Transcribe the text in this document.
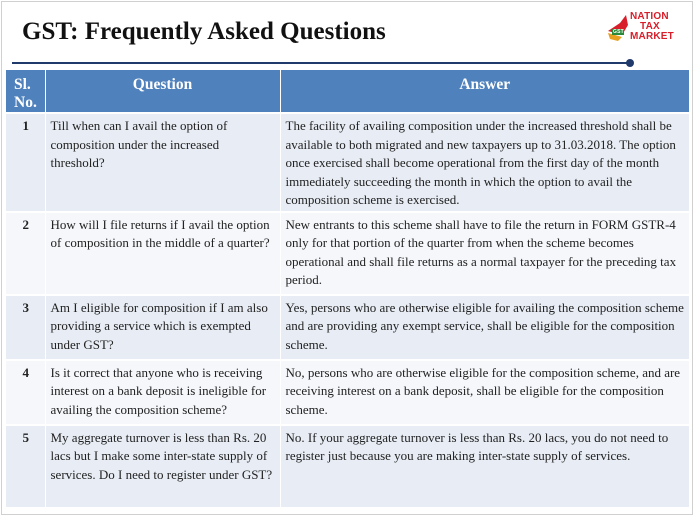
GST: Frequently Asked Questions
NATION
TAX
MARKET
GST
Sl. No.	Question	Answer
1	Till when can I avail the option of composition under the increased threshold?	The facility of availing composition under the increased threshold shall be available to both migrated and new taxpayers up to 31.03.2018. The option once exercised shall become operational from the first day of the month immediately succeeding the month in which the option to avail the composition scheme is exercised.
2	How will I file returns if I avail the option of composition in the middle of a quarter?	New entrants to this scheme shall have to file the return in FORM GSTR-4 only for that portion of the quarter from when the scheme becomes operational and shall file returns as a normal taxpayer for the preceding tax period.
3	Am I eligible for composition if I am also providing a service which is exempted under GST?	Yes, persons who are otherwise eligible for availing the composition scheme and are providing any exempt service, shall be eligible for the composition scheme.
4	Is it correct that anyone who is receiving interest on a bank deposit is ineligible for availing the composition scheme?	No, persons who are otherwise eligible for the composition scheme, and are receiving interest on a bank deposit, shall be eligible for the composition scheme.
5	My aggregate turnover is less than Rs. 20 lacs but I make some inter-state supply of services. Do I need to register under GST?	No. If your aggregate turnover is less than Rs. 20 lacs, you do not need to register just because you are making inter-state supply of services.
